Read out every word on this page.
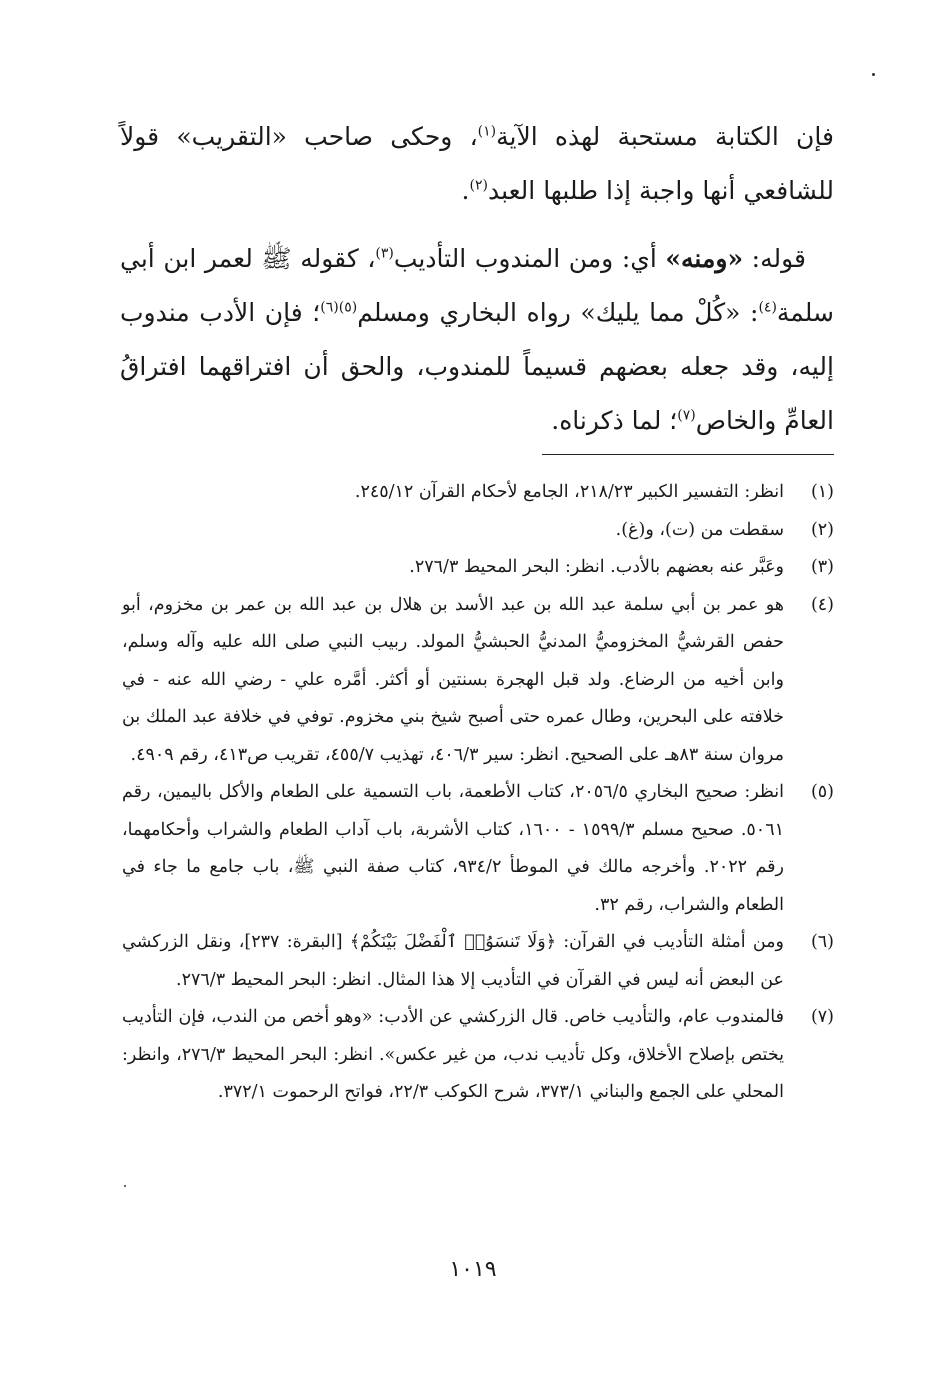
فإن الكتابة مستحبة لهذه الآية$^{(١)}$، وحكى صاحب «التقريب» قولاً للشافعي أنها واجبة إذا طلبها العبد$^{(٢)}$.

قوله: «ومنه» أي: ومن المندوب التأديب$^{(٣)}$، كقوله ﷺ لعمر ابن أبي سلمة$^{(٤)}$: «كُلْ مما يليك» رواه البخاري ومسلم$^{(٥)(٦)}$؛ فإن الأدب مندوب إليه، وقد جعله بعضهم قسيماً للمندوب، والحق أن افتراقهما افتراقُ العامِّ والخاص$^{(٧)}$؛ لما ذكرناه.

(١)
انظر: التفسير الكبير ٢١٨/٢٣، الجامع لأحكام القرآن ٢٤٥/١٢.
(٢)
سقطت من (ت)، و(غ).
(٣)
وعَبَّر عنه بعضهم بالأدب. انظر: البحر المحيط ٢٧٦/٣.
(٤)
هو عمر بن أبي سلمة عبد الله بن عبد الأسد بن هلال بن عبد الله بن عمر بن مخزوم، أبو حفص القرشيُّ المخزوميُّ المدنيُّ الحبشيُّ المولد. ربيب النبي صلى الله عليه وآله وسلم، وابن أخيه من الرضاع. ولد قبل الهجرة بسنتين أو أكثر. أمَّره علي - رضي الله عنه - في خلافته على البحرين، وطال عمره حتى أصبح شيخ بني مخزوم. توفي في خلافة عبد الملك بن مروان سنة ٨٣هـ على الصحيح. انظر: سير ٤٠٦/٣، تهذيب ٤٥٥/٧، تقريب ص٤١٣، رقم ٤٩٠٩.
(٥)
انظر: صحيح البخاري ٢٠٥٦/٥، كتاب الأطعمة، باب التسمية على الطعام والأكل باليمين، رقم ٥٠٦١. صحيح مسلم ١٥٩٩/٣ - ١٦٠٠، كتاب الأشربة، باب آداب الطعام والشراب وأحكامهما، رقم ٢٠٢٢. وأخرجه مالك في الموطأ ٩٣٤/٢، كتاب صفة النبي ﷺ، باب جامع ما جاء في الطعام والشراب، رقم ٣٢.
(٦)
ومن أمثلة التأديب في القرآن: ﴿وَلَا تَنسَوُا۟ ٱلْفَضْلَ بَيْنَكُمْ﴾ [البقرة: ٢٣٧]، ونقل الزركشي عن البعض أنه ليس في القرآن في التأديب إلا هذا المثال. انظر: البحر المحيط ٢٧٦/٣.
(٧)
فالمندوب عام، والتأديب خاص. قال الزركشي عن الأدب: «وهو أخص من الندب، فإن التأديب يختص بإصلاح الأخلاق، وكل تأديب ندب، من غير عكس». انظر: البحر المحيط ٢٧٦/٣، وانظر: المحلي على الجمع والبناني ٣٧٣/١، شرح الكوكب ٢٢/٣، فواتح الرحموت ٣٧٢/١.
١٠١٩
